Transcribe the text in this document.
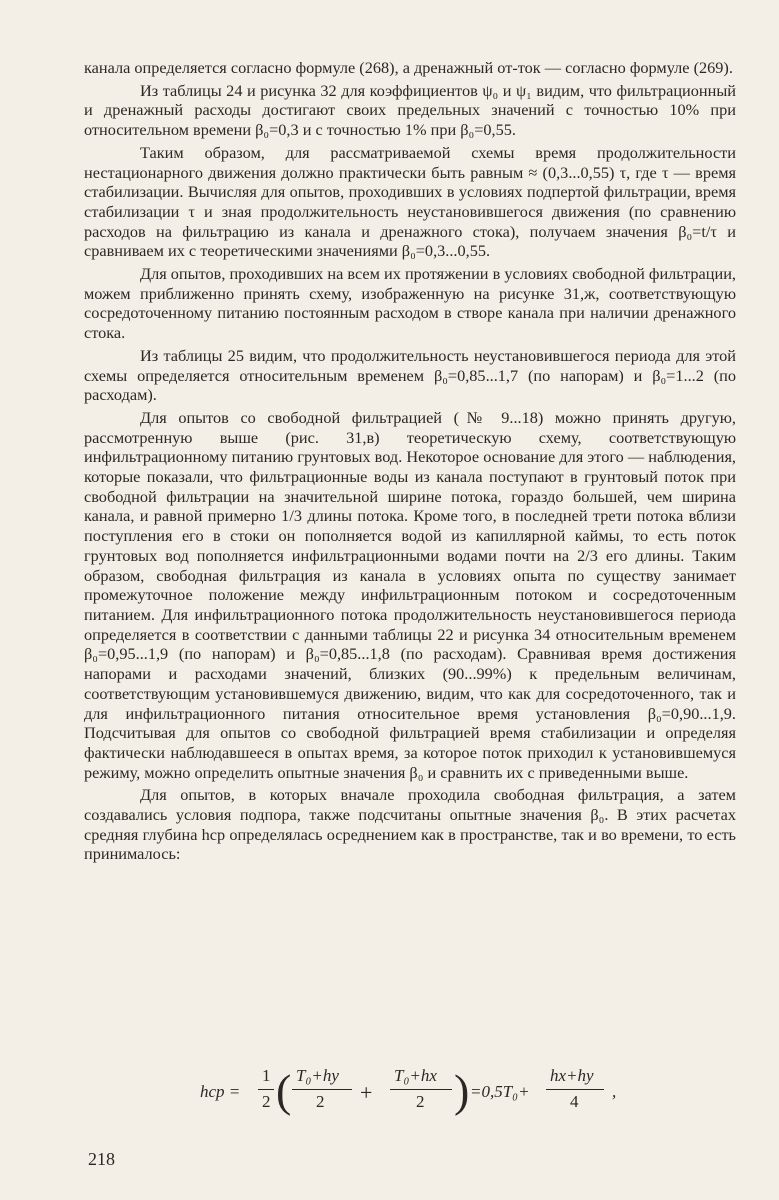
канала определяется согласно формуле (268), а дренажный от-ток — согласно формуле (269).

Из таблицы 24 и рисунка 32 для коэффициентов ψ₀ и ψ₁ видим, что фильтрационный и дренажный расходы достигают своих предельных значений с точностью 10% при относительном времени β₀=0,3 и с точностью 1% при β₀=0,55.

Таким образом, для рассматриваемой схемы время продолжительности нестационарного движения должно практически быть равным ≈ (0,3...0,55) τ, где τ — время стабилизации. Вычисляя для опытов, проходивших в условиях подпертой фильтрации, время стабилизации τ и зная продолжительность неустановившегося движения (по сравнению расходов на фильтрацию из канала и дренажного стока), получаем значения β₀=t/τ и сравниваем их с теоретическими значениями β₀=0,3...0,55.

Для опытов, проходивших на всем их протяжении в условиях свободной фильтрации, можем приближенно принять схему, изображенную на рисунке 31,ж, соответствующую сосредоточенному питанию постоянным расходом в створе канала при наличии дренажного стока.

Из таблицы 25 видим, что продолжительность неустановившегося периода для этой схемы определяется относительным временем β₀=0,85...1,7 (по напорам) и β₀=1...2 (по расходам).

Для опытов со свободной фильтрацией (№ 9...18) можно принять другую, рассмотренную выше (рис. 31,в) теоретическую схему, соответствующую инфильтрационному питанию грунтовых вод. Некоторое основание для этого — наблюдения, которые показали, что фильтрационные воды из канала поступают в грунтовый поток при свободной фильтрации на значительной ширине потока, гораздо большей, чем ширина канала, и равной примерно 1/3 длины потока. Кроме того, в последней трети потока вблизи поступления его в стоки он пополняется водой из капиллярной каймы, то есть поток грунтовых вод пополняется инфильтрационными водами почти на 2/3 его длины. Таким образом, свободная фильтрация из канала в условиях опыта по существу занимает промежуточное положение между инфильтрационным потоком и сосредоточенным питанием. Для инфильтрационного потока продолжительность неустановившегося периода определяется в соответствии с данными таблицы 22 и рисунка 34 относительным временем β₀=0,95...1,9 (по напорам) и β₀=0,85...1,8 (по расходам). Сравнивая время достижения напорами и расходами значений, близких (90...99%) к предельным величинам, соответствующим установившемуся движению, видим, что как для сосредоточенного, так и для инфильтрационного питания относительное время установления β₀=0,90...1,9. Подсчитывая для опытов со свободной фильтрацией время стабилизации и определяя фактически наблюдавшееся в опытах время, за которое поток приходил к установившемуся режиму, можно определить опытные значения β₀ и сравнить их с приведенными выше.

Для опытов, в которых вначале проходила свободная фильтрация, а затем создавались условия подпора, также подсчитаны опытные значения β₀. В этих расчетах средняя глубина hср определялась осреднением как в пространстве, так и во времени, то есть принималось:

hср =
1
2 ( T₀+hу
2 +
T₀+hх
2 ) =0,5T₀+
hх+hу
4
,
218
